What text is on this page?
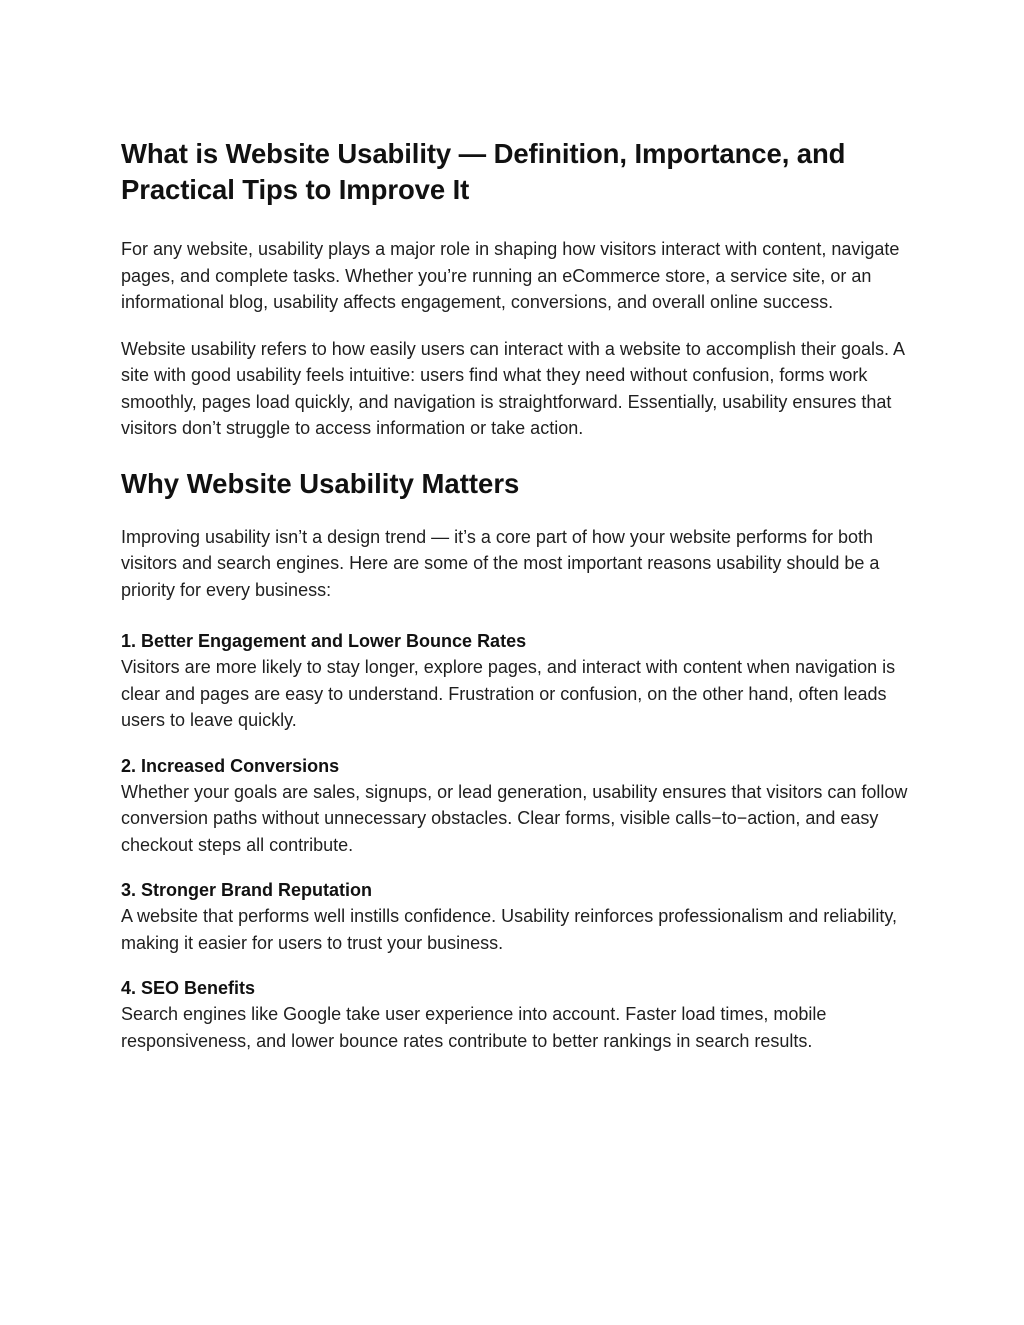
What is Website Usability — Definition, Importance, and Practical Tips to Improve It

For any website, usability plays a major role in shaping how visitors interact with content, navigate pages, and complete tasks. Whether you’re running an eCommerce store, a service site, or an informational blog, usability affects engagement, conversions, and overall online success.

Website usability refers to how easily users can interact with a website to accomplish their goals. A site with good usability feels intuitive: users find what they need without confusion, forms work smoothly, pages load quickly, and navigation is straightforward. Essentially, usability ensures that visitors don’t struggle to access information or take action.

Why Website Usability Matters

Improving usability isn’t a design trend — it’s a core part of how your website performs for both visitors and search engines. Here are some of the most important reasons usability should be a priority for every business:

1. Better Engagement and Lower Bounce Rates

Visitors are more likely to stay longer, explore pages, and interact with content when navigation is clear and pages are easy to understand. Frustration or confusion, on the other hand, often leads users to leave quickly.

2. Increased Conversions

Whether your goals are sales, signups, or lead generation, usability ensures that visitors can follow conversion paths without unnecessary obstacles. Clear forms, visible calls−to−action, and easy checkout steps all contribute.

3. Stronger Brand Reputation

A website that performs well instills confidence. Usability reinforces professionalism and reliability, making it easier for users to trust your business.

4. SEO Benefits

Search engines like Google take user experience into account. Faster load times, mobile responsiveness, and lower bounce rates contribute to better rankings in search results.
